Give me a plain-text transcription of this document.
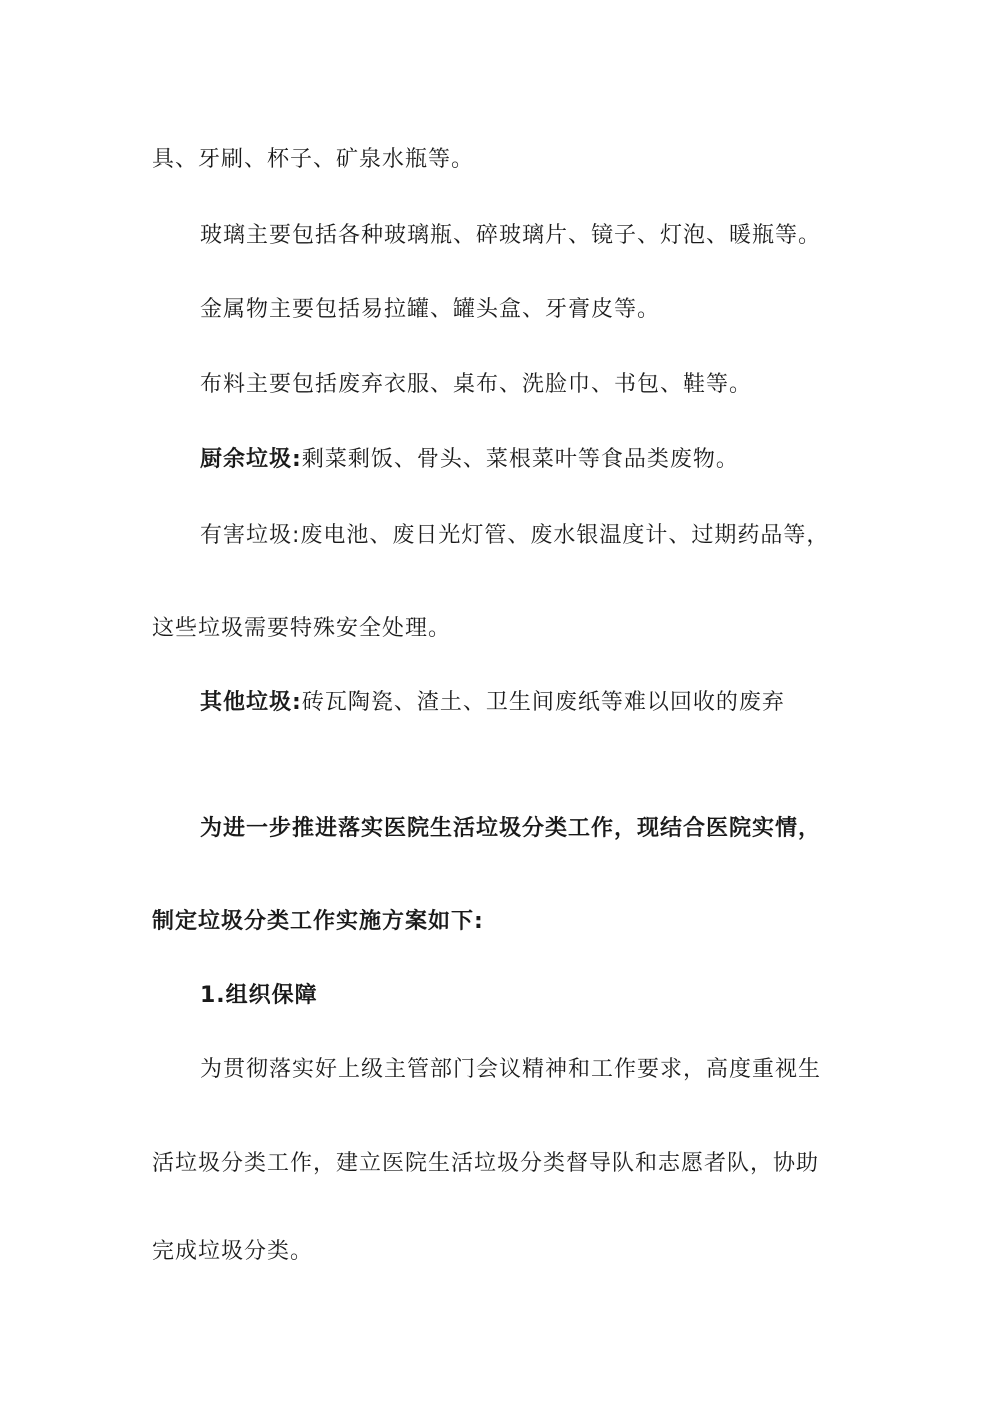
具、牙刷、杯子、矿泉水瓶等。
玻璃主要包括各种玻璃瓶、碎玻璃片、镜子、灯泡、暖瓶等。
金属物主要包括易拉罐、罐头盒、牙膏皮等。
布料主要包括废弃衣服、桌布、洗脸巾、书包、鞋等。
厨余垃圾:剩菜剩饭、骨头、菜根菜叶等食品类废物。
有害垃圾:废电池、废日光灯管、废水银温度计、过期药品等，
这些垃圾需要特殊安全处理。
其他垃圾:砖瓦陶瓷、渣土、卫生间废纸等难以回收的废弃
为进一步推进落实医院生活垃圾分类工作，现结合医院实情，
制定垃圾分类工作实施方案如下:
1.组织保障
为贯彻落实好上级主管部门会议精神和工作要求，高度重视生
活垃圾分类工作，建立医院生活垃圾分类督导队和志愿者队，协助
完成垃圾分类。
